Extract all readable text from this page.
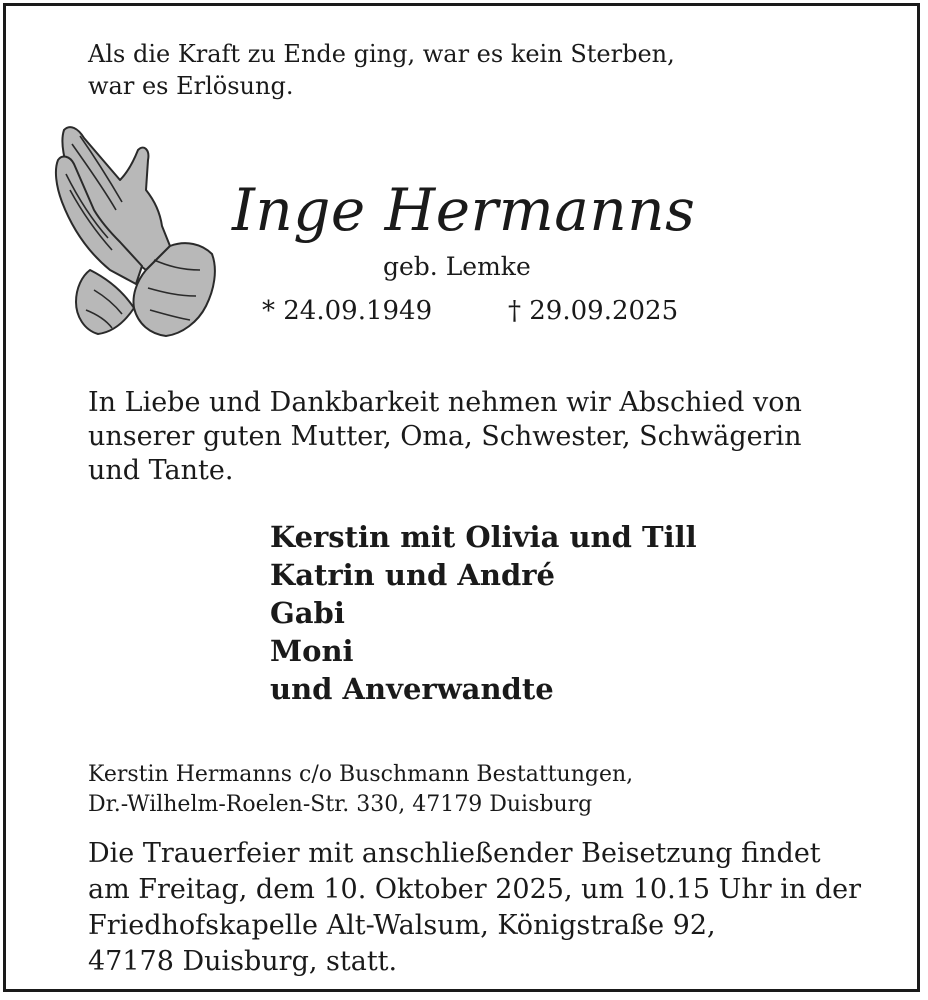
Als die Kraft zu Ende ging, war es kein Sterben,
war es Erlösung.
Inge Hermanns
geb. Lemke
* 24.09.1949	† 29.09.2025
In Liebe und Dankbarkeit nehmen wir Abschied von
unserer guten Mutter, Oma, Schwester, Schwägerin
und Tante.
Kerstin mit Olivia und Till
Katrin und André
Gabi
Moni
und Anverwandte
Kerstin Hermanns c/o Buschmann Bestattungen,
Dr.-Wilhelm-Roelen-Str. 330, 47179 Duisburg
Die Trauerfeier mit anschließender Beisetzung findet
am Freitag, dem 10. Oktober 2025, um 10.15 Uhr in der
Friedhofskapelle Alt-Walsum, Königstraße 92,
47178 Duisburg, statt.
